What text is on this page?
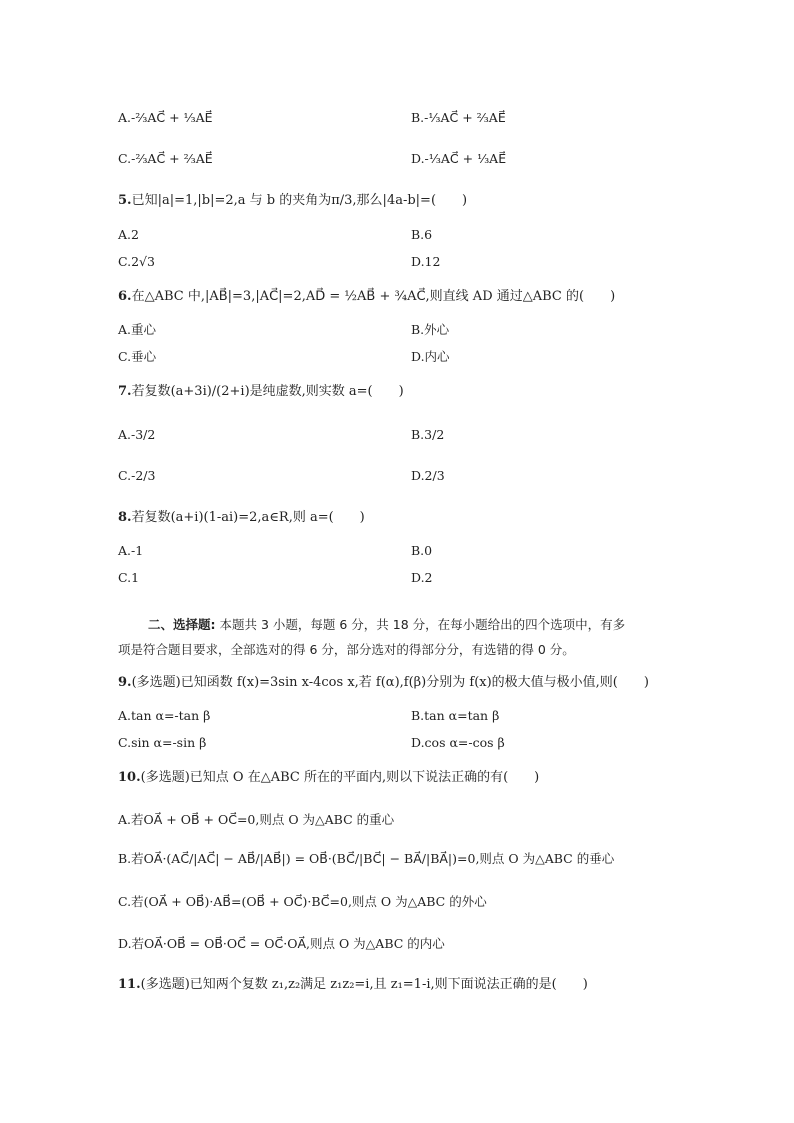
A.-⅔AC⃗ + ⅓AE⃗	B.-⅓AC⃗ + ⅔AE⃗
C.-⅔AC⃗ + ⅔AE⃗	D.-⅓AC⃗ + ⅓AE⃗
5.已知|a|=1,|b|=2,a 与 b 的夹角为π/3,那么|4a-b|=(　　)
A.2	B.6
C.2√3	D.12
6.在△ABC 中,|AB⃗|=3,|AC⃗|=2,AD⃗ = ½AB⃗ + ¾AC⃗,则直线 AD 通过△ABC 的(　　)
A.重心	B.外心
C.垂心	D.内心
7.若复数(a+3i)/(2+i)是纯虚数,则实数 a=(　　)
A.-3/2	B.3/2
C.-2/3	D.2/3
8.若复数(a+i)(1-ai)=2,a∈R,则 a=(　　)
A.-1	B.0
C.1	D.2
二、选择题: 本题共 3 小题，每题 6 分，共 18 分，在每小题给出的四个选项中，有多
项是符合题目要求，全部选对的得 6 分，部分选对的得部分分，有选错的得 0 分。
9.(多选题)已知函数 f(x)=3sin x-4cos x,若 f(α),f(β)分别为 f(x)的极大值与极小值,则(　　)
A.tan α=-tan β	B.tan α=tan β
C.sin α=-sin β	D.cos α=-cos β
10.(多选题)已知点 O 在△ABC 所在的平面内,则以下说法正确的有(　　)
A.若OA⃗ + OB⃗ + OC⃗=0,则点 O 为△ABC 的重心
B.若OA⃗·(AC⃗/|AC⃗| − AB⃗/|AB⃗|) = OB⃗·(BC⃗/|BC⃗| − BA⃗/|BA⃗|)=0,则点 O 为△ABC 的垂心
C.若(OA⃗ + OB⃗)·AB⃗=(OB⃗ + OC⃗)·BC⃗=0,则点 O 为△ABC 的外心
D.若OA⃗·OB⃗ = OB⃗·OC⃗ = OC⃗·OA⃗,则点 O 为△ABC 的内心
11.(多选题)已知两个复数 z₁,z₂满足 z₁z₂=i,且 z₁=1-i,则下面说法正确的是(　　)
